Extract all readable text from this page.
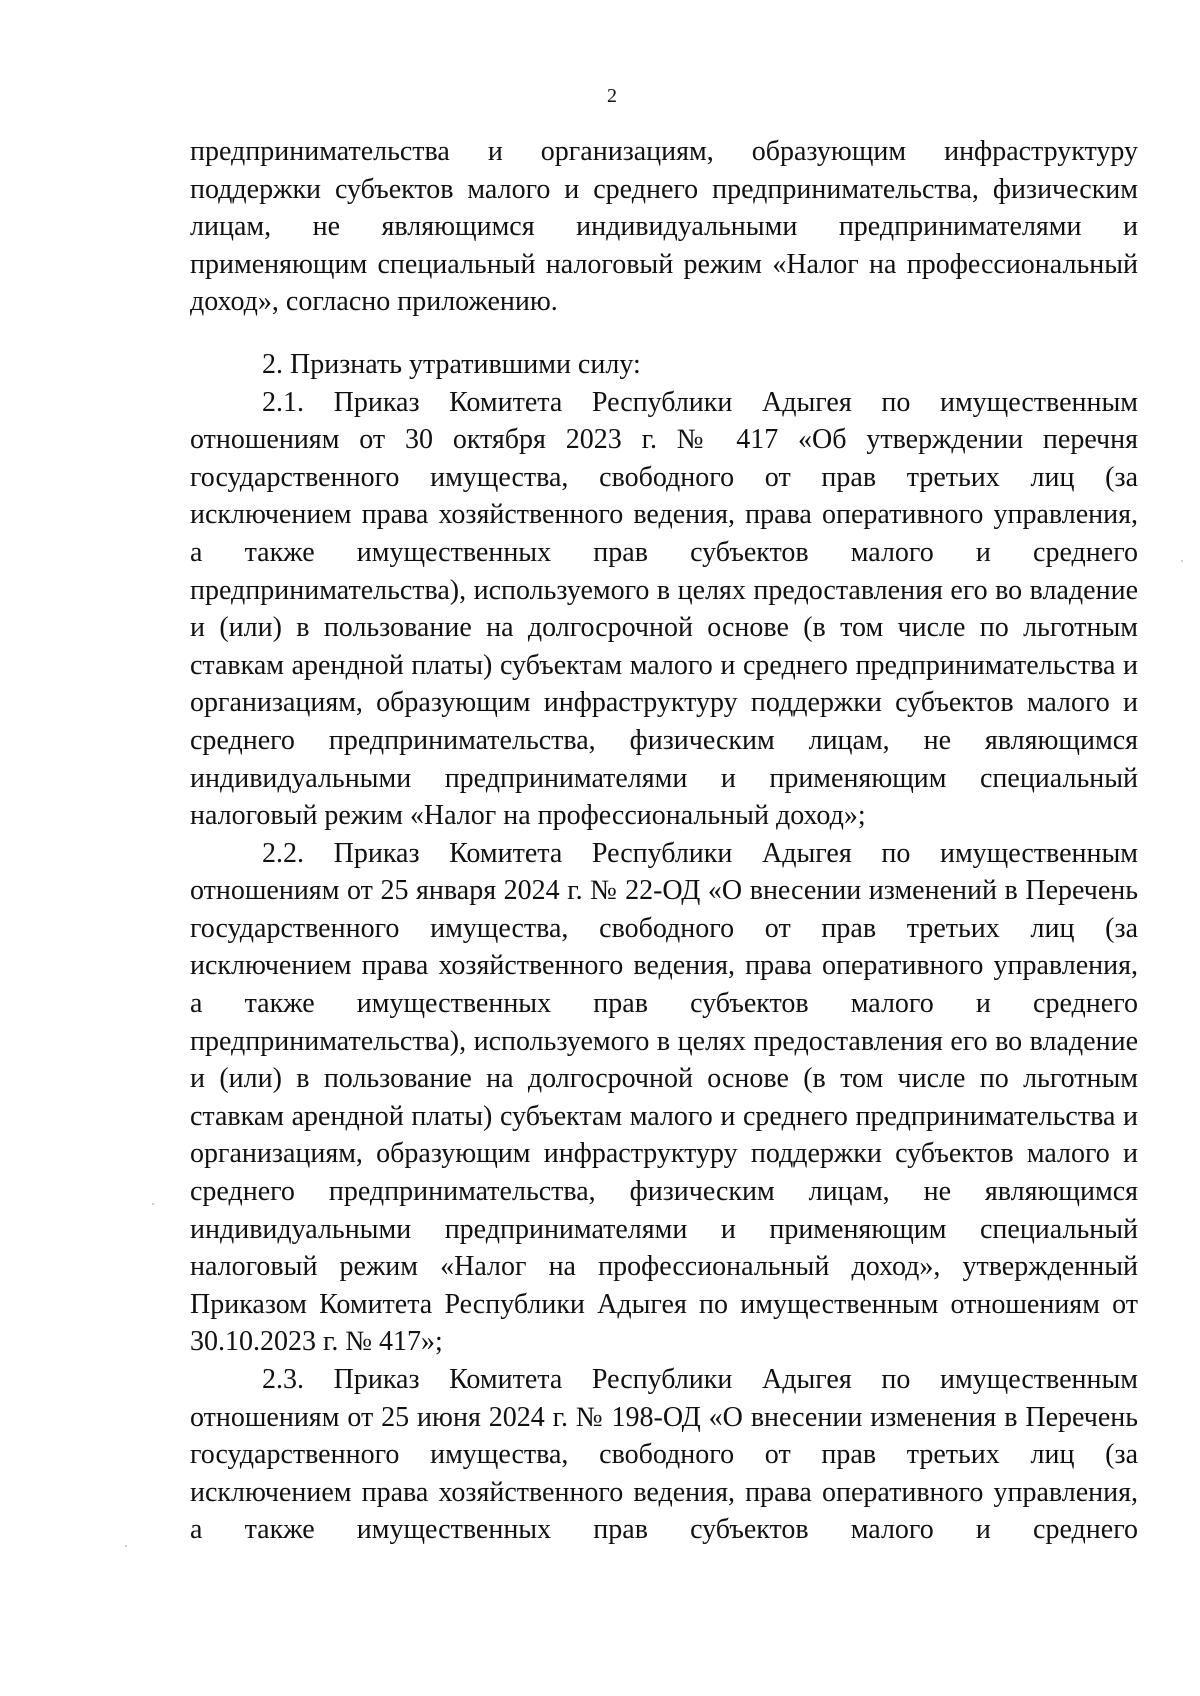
2

предпринимательства и организациям, образующим инфраструктуру поддержки субъектов малого и среднего предпринимательства, физическим лицам, не являющимся индивидуальными предпринимателями и применяющим специальный налоговый режим «Налог на профессиональный доход», согласно приложению.

2. Признать утратившими силу:

2.1. Приказ Комитета Республики Адыгея по имущественным отношениям от 30 октября 2023 г. № 417 «Об утверждении перечня государственного имущества, свободного от прав третьих лиц (за исключением права хозяйственного ведения, права оперативного управления, а также имущественных прав субъектов малого и среднего предпринимательства), используемого в целях предоставления его во владение и (или) в пользование на долгосрочной основе (в том числе по льготным ставкам арендной платы) субъектам малого и среднего предпринимательства и организациям, образующим инфраструктуру поддержки субъектов малого и среднего предпринимательства, физическим лицам, не являющимся индивидуальными предпринимателями и применяющим специальный налоговый режим «Налог на профессиональный доход»;

2.2. Приказ Комитета Республики Адыгея по имущественным отношениям от 25 января 2024 г. № 22-ОД «О внесении изменений в Перечень государственного имущества, свободного от прав третьих лиц (за исключением права хозяйственного ведения, права оперативного управления, а также имущественных прав субъектов малого и среднего предпринимательства), используемого в целях предоставления его во владение и (или) в пользование на долгосрочной основе (в том числе по льготным ставкам арендной платы) субъектам малого и среднего предпринимательства и организациям, образующим инфраструктуру поддержки субъектов малого и среднего предпринимательства, физическим лицам, не являющимся индивидуальными предпринимателями и применяющим специальный налоговый режим «Налог на профессиональный доход», утвержденный Приказом Комитета Республики Адыгея по имущественным отношениям от 30.10.2023 г. № 417»;

2.3. Приказ Комитета Республики Адыгея по имущественным отношениям от 25 июня 2024 г. № 198-ОД «О внесении изменения в Перечень государственного имущества, свободного от прав третьих лиц (за исключением права хозяйственного ведения, права оперативного управления, а также имущественных прав субъектов малого и среднего
